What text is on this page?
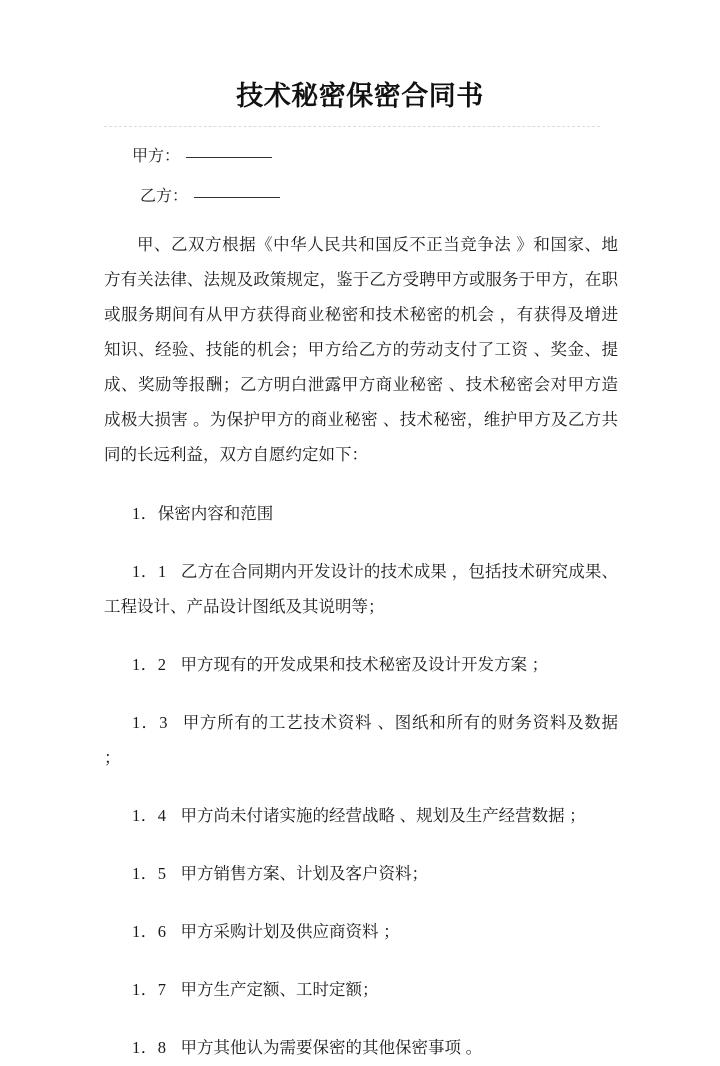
技术秘密保密合同书
甲方：
乙方：

甲、乙双方根据《中华人民共和国反不正当竞争法 》和国家、地方有关法律、法规及政策规定，鉴于乙方受聘甲方或服务于甲方，在职或服务期间有从甲方获得商业秘密和技术秘密的机会 ，有获得及增进知识、经验、技能的机会；甲方给乙方的劳动支付了工资 、奖金、提成、奖励等报酬；乙方明白泄露甲方商业秘密 、技术秘密会对甲方造成极大损害 。为保护甲方的商业秘密 、技术秘密，维护甲方及乙方共同的长远利益，双方自愿约定如下：

1．保密内容和范围

1．1 乙方在合同期内开发设计的技术成果 ，包括技术研究成果、工程设计、产品设计图纸及其说明等；

1．2 甲方现有的开发成果和技术秘密及设计开发方案 ；

1．3 甲方所有的工艺技术资料 、图纸和所有的财务资料及数据 ；

1．4 甲方尚未付诸实施的经营战略 、规划及生产经营数据 ；

1．5 甲方销售方案、计划及客户资料；

1．6 甲方采购计划及供应商资料 ；

1．7 甲方生产定额、工时定额；

1．8 甲方其他认为需要保密的其他保密事项 。
